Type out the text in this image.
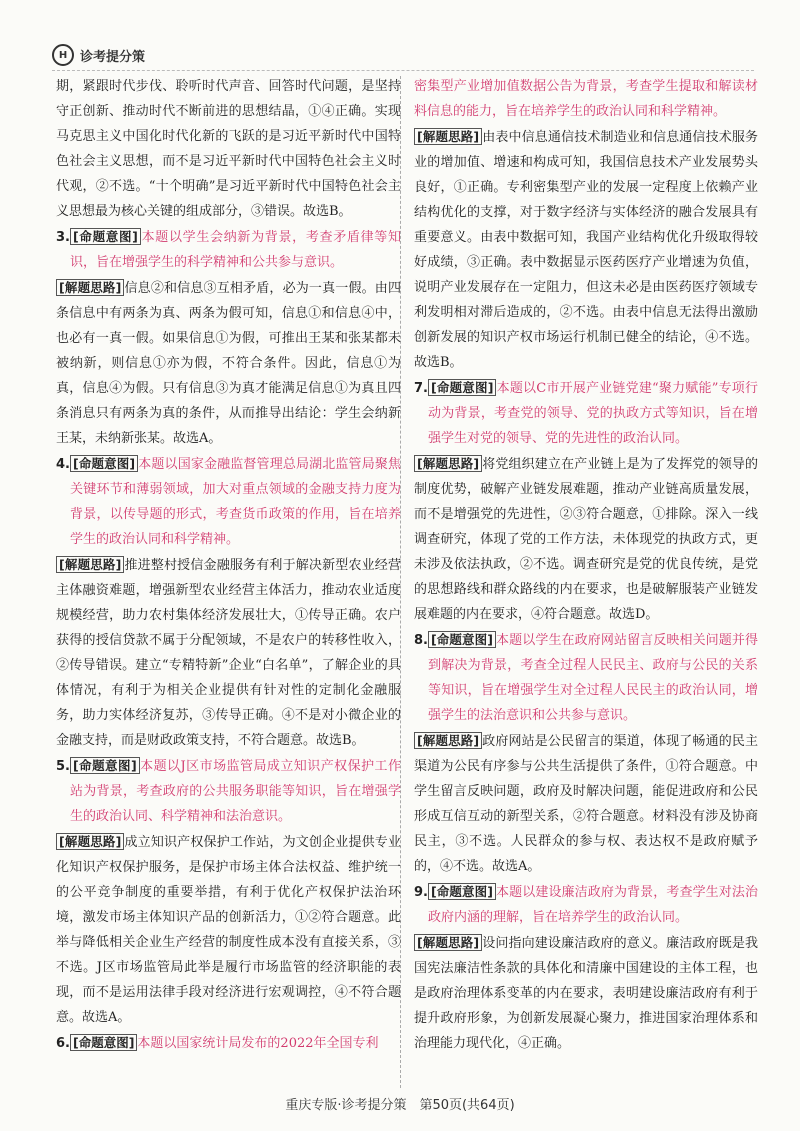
H 诊考提分策

期，紧跟时代步伐、聆听时代声音、回答时代问题，是坚持守正创新、推动时代不断前进的思想结晶，①④正确。实现马克思主义中国化时代化新的飞跃的是习近平新时代中国特色社会主义思想，而不是习近平新时代中国特色社会主义时代观，②不选。“十个明确”是习近平新时代中国特色社会主义思想最为核心关键的组成部分，③错误。故选B。

3. [命题意图] 本题以学生会纳新为背景，考查矛盾律等知识，旨在增强学生的科学精神和公共参与意识。

[解题思路] 信息②和信息③互相矛盾，必为一真一假。由四条信息中有两条为真、两条为假可知，信息①和信息④中，也必有一真一假。如果信息①为假，可推出王某和张某都未被纳新，则信息①亦为假，不符合条件。因此，信息①为真，信息④为假。只有信息③为真才能满足信息①为真且四条消息只有两条为真的条件，从而推导出结论：学生会纳新王某，未纳新张某。故选A。

4. [命题意图] 本题以国家金融监督管理总局湖北监管局聚焦关键环节和薄弱领域，加大对重点领域的金融支持力度为背景，以传导题的形式，考查货币政策的作用，旨在培养学生的政治认同和科学精神。

[解题思路] 推进整村授信金融服务有利于解决新型农业经营主体融资难题，增强新型农业经营主体活力，推动农业适度规模经营，助力农村集体经济发展壮大，①传导正确。农户获得的授信贷款不属于分配领域，不是农户的转移性收入，②传导错误。建立“专精特新”企业“白名单”，了解企业的具体情况，有利于为相关企业提供有针对性的定制化金融服务，助力实体经济复苏，③传导正确。④不是对小微企业的金融支持，而是财政政策支持，不符合题意。故选B。

5. [命题意图] 本题以J区市场监管局成立知识产权保护工作站为背景，考查政府的公共服务职能等知识，旨在增强学生的政治认同、科学精神和法治意识。

[解题思路] 成立知识产权保护工作站，为文创企业提供专业化知识产权保护服务，是保护市场主体合法权益、维护统一的公平竞争制度的重要举措，有利于优化产权保护法治环境，激发市场主体知识产品的创新活力，①②符合题意。此举与降低相关企业生产经营的制度性成本没有直接关系，③不选。J区市场监管局此举是履行市场监管的经济职能的表现，而不是运用法律手段对经济进行宏观调控，④不符合题意。故选A。

6. [命题意图] 本题以国家统计局发布的2022年全国专利

密集型产业增加值数据公告为背景，考查学生提取和解读材料信息的能力，旨在培养学生的政治认同和科学精神。

[解题思路] 由表中信息通信技术制造业和信息通信技术服务业的增加值、增速和构成可知，我国信息技术产业发展势头良好，①正确。专利密集型产业的发展一定程度上依赖产业结构优化的支撑，对于数字经济与实体经济的融合发展具有重要意义。由表中数据可知，我国产业结构优化升级取得较好成绩，③正确。表中数据显示医药医疗产业增速为负值，说明产业发展存在一定阻力，但这未必是由医药医疗领域专利发明相对滞后造成的，②不选。由表中信息无法得出激励创新发展的知识产权市场运行机制已健全的结论，④不选。故选B。

7. [命题意图] 本题以C市开展产业链党建“聚力赋能”专项行动为背景，考查党的领导、党的执政方式等知识，旨在增强学生对党的领导、党的先进性的政治认同。

[解题思路] 将党组织建立在产业链上是为了发挥党的领导的制度优势，破解产业链发展难题，推动产业链高质量发展，而不是增强党的先进性，②③符合题意，①排除。深入一线调查研究，体现了党的工作方法，未体现党的执政方式，更未涉及依法执政，②不选。调查研究是党的优良传统，是党的思想路线和群众路线的内在要求，也是破解服装产业链发展难题的内在要求，④符合题意。故选D。

8. [命题意图] 本题以学生在政府网站留言反映相关问题并得到解决为背景，考查全过程人民民主、政府与公民的关系等知识，旨在增强学生对全过程人民民主的政治认同，增强学生的法治意识和公共参与意识。

[解题思路] 政府网站是公民留言的渠道，体现了畅通的民主渠道为公民有序参与公共生活提供了条件，①符合题意。中学生留言反映问题，政府及时解决问题，能促进政府和公民形成互信互动的新型关系，②符合题意。材料没有涉及协商民主，③不选。人民群众的参与权、表达权不是政府赋予的，④不选。故选A。

9. [命题意图] 本题以建设廉洁政府为背景，考查学生对法治政府内涵的理解，旨在培养学生的政治认同。

[解题思路] 设问指向建设廉洁政府的意义。廉洁政府既是我国宪法廉洁性条款的具体化和清廉中国建设的主体工程，也是政府治理体系变革的内在要求，表明建设廉洁政府有利于提升政府形象，为创新发展凝心聚力，推进国家治理体系和治理能力现代化，④正确。

重庆专版·诊考提分策　第50页(共64页)
